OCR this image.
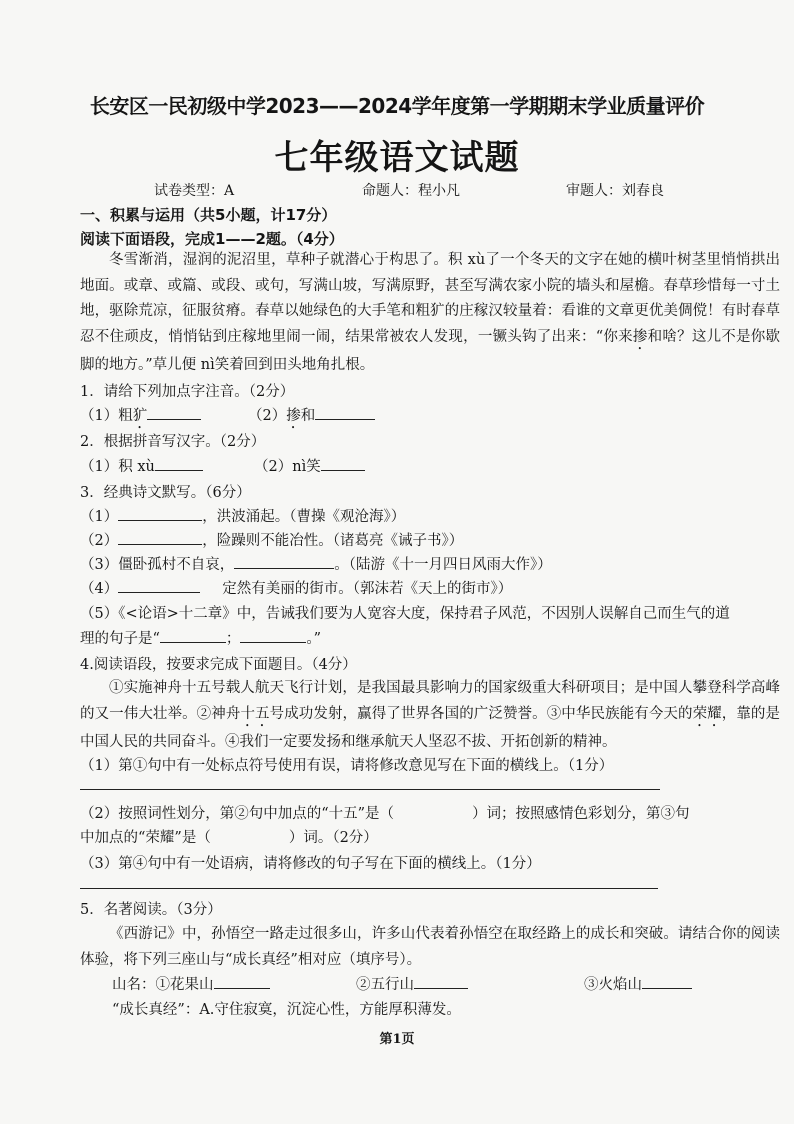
长安区一民初级中学2023——2024学年度第一学期期末学业质量评价
七年级语文试题
试卷类型：A	命题人：程小凡	审题人：刘春良
一、积累与运用（共5小题，计17分）
阅读下面语段，完成1——2题。（4分）
冬雪渐消，湿润的泥沼里，草种子就潜心于构思了。积 xù了一个冬天的文字在她的横叶树茎里悄悄拱出地面。或章、或篇、或段、或句，写满山坡，写满原野，甚至写满农家小院的墙头和屋檐。春草珍惜每一寸土地，驱除荒凉，征服贫瘠。春草以她绿色的大手笔和粗犷的庄稼汉较量着：看谁的文章更优美倜傥！有时春草忍不住顽皮，悄悄钻到庄稼地里闹一闹，结果常被农人发现，一镢头钩了出来：“你来掺和啥？这儿不是你歇脚的地方。”草儿便 nì笑着回到田头地角扎根。
1．请给下列加点字注音。（2分）
（1）粗犷	（2）掺和
2．根据拼音写汉字。（2分）
（1）积 xù	（2）nì笑
3．经典诗文默写。（6分）
（1）	，洪波涌起。（曹操《观沧海》）
（2）	，险躁则不能冶性。（诸葛亮《诫子书》）
（3）僵卧孤村不自哀，	。（陆游《十一月四日风雨大作》）
（4）	定然有美丽的街市。（郭沫若《天上的街市》）
（5）《<论语>十二章》中，告诫我们要为人宽容大度，保持君子风范，不因别人误解自己而生气的道
理的句子是“	；	。”
4.阅读语段，按要求完成下面题目。（4分）
①实施神舟十五号载人航天飞行计划，是我国最具影响力的国家级重大科研项目；是中国人攀登科学高峰的又一伟大壮举。②神舟十五号成功发射，赢得了世界各国的广泛赞誉。③中华民族能有今天的荣耀，靠的是中国人民的共同奋斗。④我们一定要发扬和继承航天人坚忍不拔、开拓创新的精神。
（1）第①句中有一处标点符号使用有误，请将修改意见写在下面的横线上。（1分）
（2）按照词性划分，第②句中加点的“十五”是（	）词；按照感情色彩划分，第③句
中加点的“荣耀”是（	）词。（2分）
（3）第④句中有一处语病，请将修改的句子写在下面的横线上。（1分）
5．名著阅读。（3分）
《西游记》中，孙悟空一路走过很多山，许多山代表着孙悟空在取经路上的成长和突破。请结合你的阅读体验，将下列三座山与“成长真经”相对应（填序号）。
山名：①花果山	②五行山	③火焰山
“成长真经”：A.守住寂寞，沉淀心性，方能厚积薄发。
第1页
